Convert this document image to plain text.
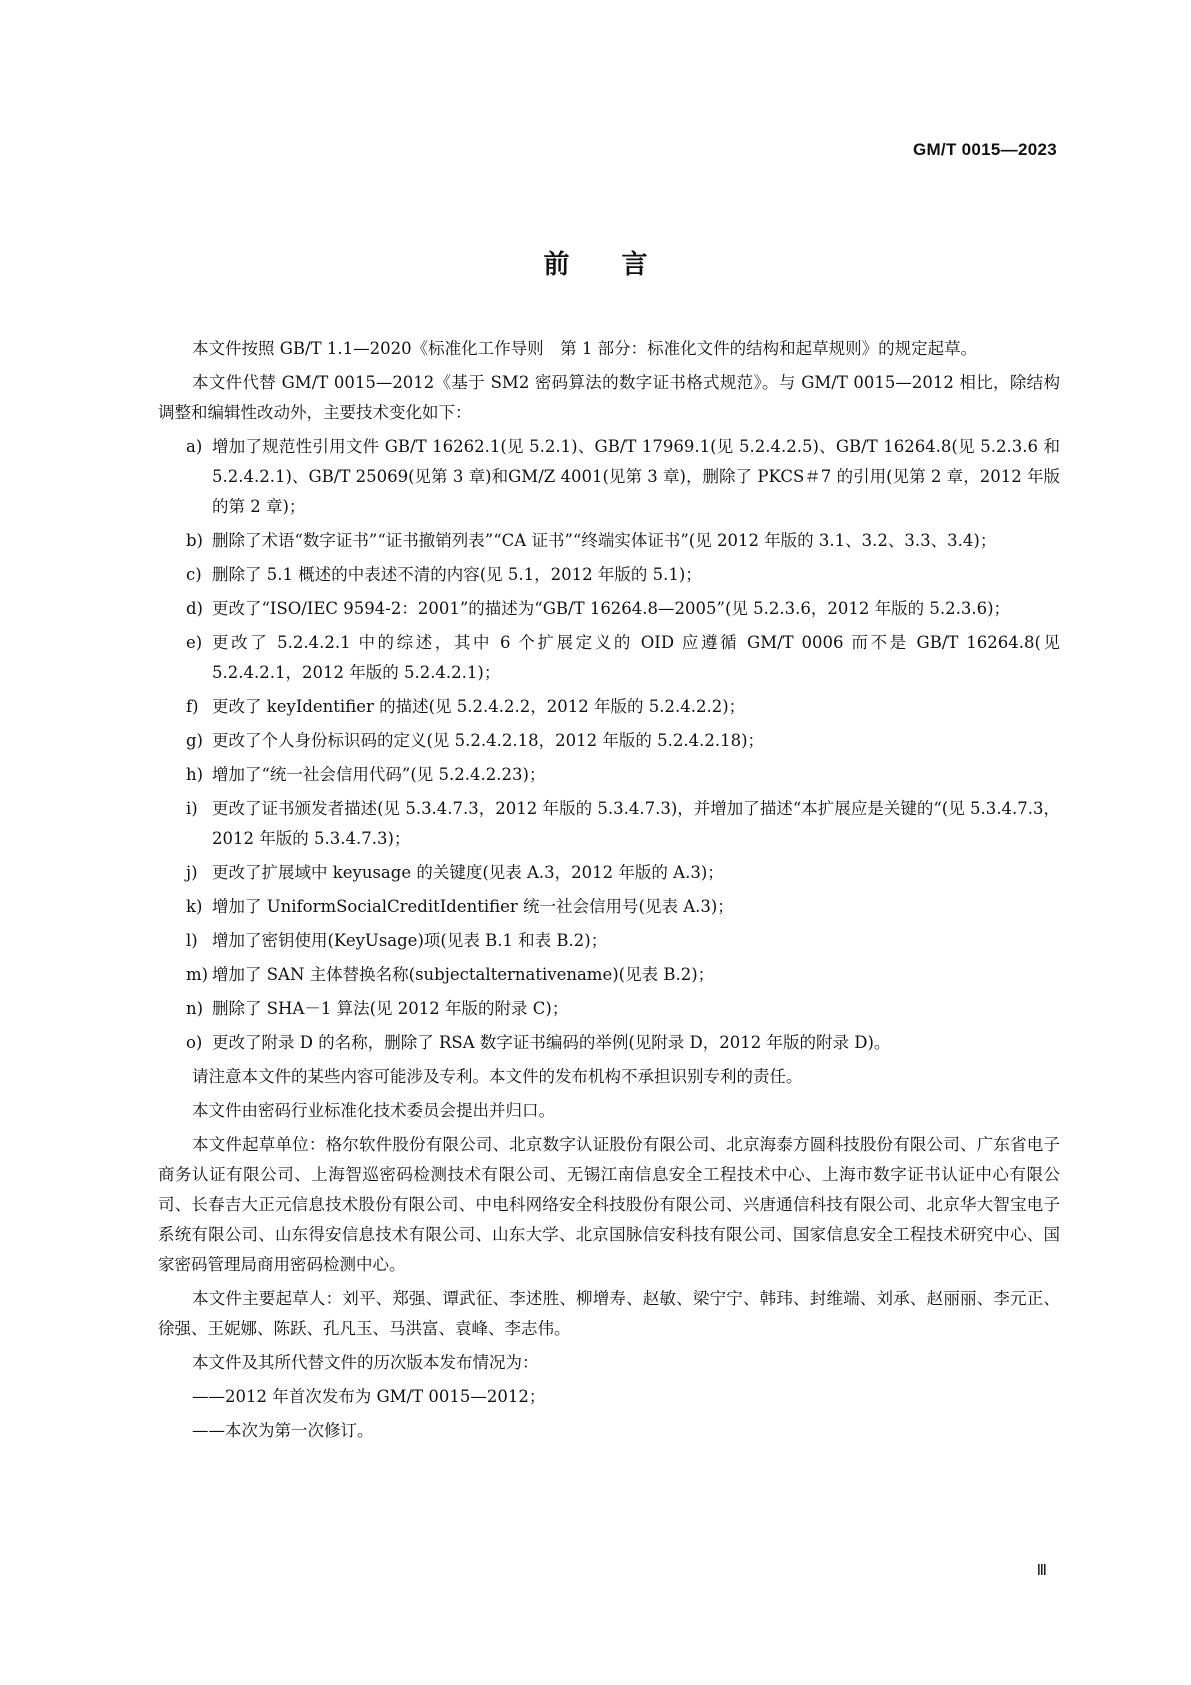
GM/T 0015—2023
前 言

本文件按照 GB/T 1.1—2020《标准化工作导则　第 1 部分：标准化文件的结构和起草规则》的规定起草。

本文件代替 GM/T 0015—2012《基于 SM2 密码算法的数字证书格式规范》。与 GM/T 0015—2012 相比，除结构调整和编辑性改动外，主要技术变化如下：

a) 增加了规范性引用文件 GB/T 16262.1(见 5.2.1)、GB/T 17969.1(见 5.2.4.2.5)、GB/T 16264.8(见 5.2.3.6 和 5.2.4.2.1)、GB/T 25069(见第 3 章)和GM/Z 4001(见第 3 章)，删除了 PKCS＃7 的引用(见第 2 章，2012 年版的第 2 章)；
b) 删除了术语“数字证书”“证书撤销列表”“CA 证书”“终端实体证书”(见 2012 年版的 3.1、3.2、3.3、3.4)；
c) 删除了 5.1 概述的中表述不清的内容(见 5.1，2012 年版的 5.1)；
d) 更改了“ISO/IEC 9594-2：2001”的描述为“GB/T 16264.8—2005”(见 5.2.3.6，2012 年版的 5.2.3.6)；
e) 更改了 5.2.4.2.1 中的综述，其中 6 个扩展定义的 OID 应遵循 GM/T 0006 而不是 GB/T 16264.8(见 5.2.4.2.1，2012 年版的 5.2.4.2.1)；
f) 更改了 keyIdentifier 的描述(见 5.2.4.2.2，2012 年版的 5.2.4.2.2)；
g) 更改了个人身份标识码的定义(见 5.2.4.2.18，2012 年版的 5.2.4.2.18)；
h) 增加了“统一社会信用代码”(见 5.2.4.2.23)；
i) 更改了证书颁发者描述(见 5.3.4.7.3，2012 年版的 5.3.4.7.3)，并增加了描述“本扩展应是关键的“(见 5.3.4.7.3，2012 年版的 5.3.4.7.3)；
j) 更改了扩展域中 keyusage 的关键度(见表 A.3，2012 年版的 A.3)；
k) 增加了 UniformSocialCreditIdentifier 统一社会信用号(见表 A.3)；
l) 增加了密钥使用(KeyUsage)项(见表 B.1 和表 B.2)；
m) 增加了 SAN 主体替换名称(subjectalternativename)(见表 B.2)；
n) 删除了 SHA－1 算法(见 2012 年版的附录 C)；
o) 更改了附录 D 的名称，删除了 RSA 数字证书编码的举例(见附录 D，2012 年版的附录 D)。

请注意本文件的某些内容可能涉及专利。本文件的发布机构不承担识别专利的责任。

本文件由密码行业标准化技术委员会提出并归口。

本文件起草单位：格尔软件股份有限公司、北京数字认证股份有限公司、北京海泰方圆科技股份有限公司、广东省电子商务认证有限公司、上海智巡密码检测技术有限公司、无锡江南信息安全工程技术中心、上海市数字证书认证中心有限公司、长春吉大正元信息技术股份有限公司、中电科网络安全科技股份有限公司、兴唐通信科技有限公司、北京华大智宝电子系统有限公司、山东得安信息技术有限公司、山东大学、北京国脉信安科技有限公司、国家信息安全工程技术研究中心、国家密码管理局商用密码检测中心。

本文件主要起草人：刘平、郑强、谭武征、李述胜、柳增寿、赵敏、梁宁宁、韩玮、封维端、刘承、赵丽丽、李元正、徐强、王妮娜、陈跃、孔凡玉、马洪富、袁峰、李志伟。

本文件及其所代替文件的历次版本发布情况为：

——2012 年首次发布为 GM/T 0015—2012；

——本次为第一次修订。

Ⅲ
